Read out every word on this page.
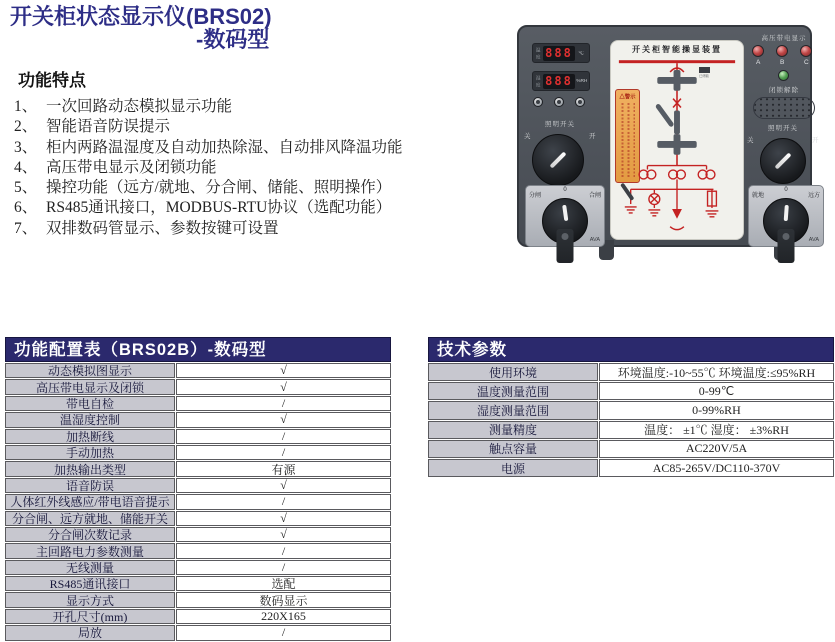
开关柜状态显示仪(BRS02)
-数码型
功能特点
1、 一次回路动态模拟显示功能
2、 智能语音防误提示
3、 柜内两路温湿度及自动加热除湿、自动排风降温功能
4、 高压带电显示及闭锁功能
5、 操控功能（远方/就地、分合闸、储能、照明操作）
6、 RS485通讯接口，MODBUS-RTU协议（选配功能）
7、 双排数码管显示、参数按键可设置
温度 888 ℃
湿度 888 %RH
照明开关
关	开
高压带电显示
A	B	C
闭锁解除
照明开关
关	开
分闸
0
合闸
AVA
就地
0
远方
AVA
开关柜智能操显装置
已储能
△警示
功能配置表（BRS02B）-数码型
动态模拟图显示	√
高压带电显示及闭锁	√
带电自检	/
温湿度控制	√
加热断线	/
手动加热	/
加热输出类型	有源
语音防误	√
人体红外线感应/带电语音提示	/
分合闸、远方就地、储能开关	√
分合闸次数记录	√
主回路电力参数测量	/
无线测量	/
RS485通讯接口	选配
显示方式	数码显示
开孔尺寸(mm)	220X165
局放	/
技术参数
使用环境	环境温度:-10~55℃ 环境温度:≤95%RH
温度测量范围	0-99℃
湿度测量范围	0-99%RH
测量精度	温度： ±1℃ 湿度： ±3%RH
触点容量	AC220V/5A
电源	AC85-265V/DC110-370V
